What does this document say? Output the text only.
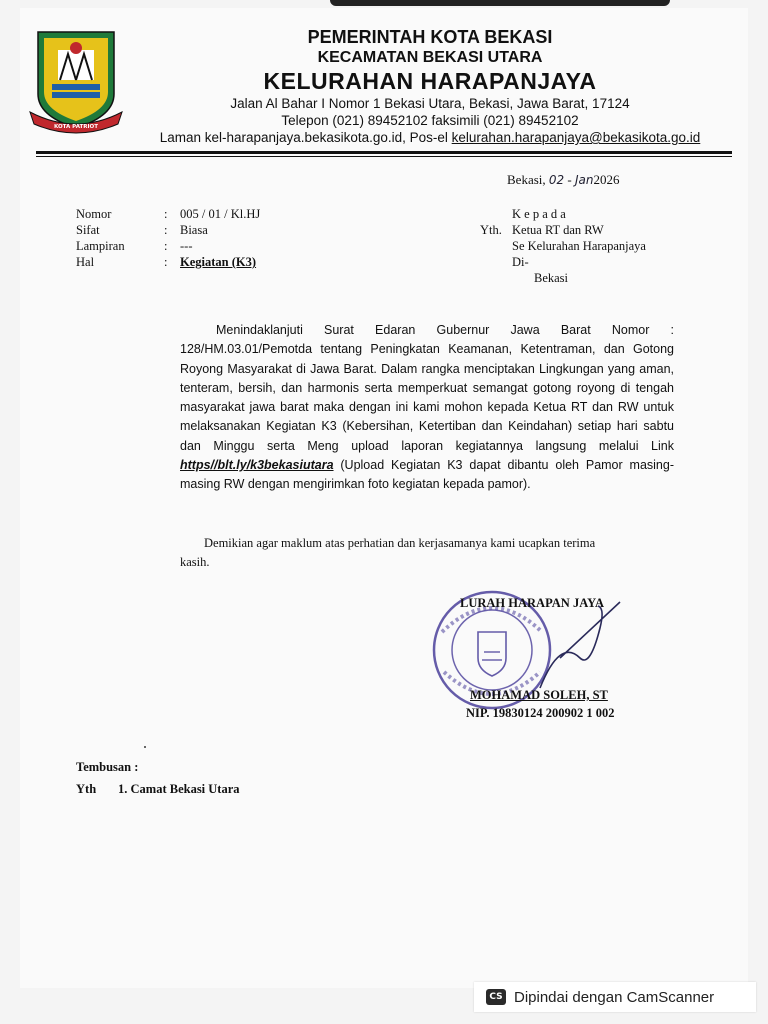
KOTA PATRIOT
PEMERINTAH KOTA BEKASI
KECAMATAN BEKASI UTARA
KELURAHAN HARAPANJAYA
Jalan Al Bahar I Nomor 1 Bekasi Utara, Bekasi, Jawa Barat, 17124
Telepon (021) 89452102 faksimili (021) 89452102
Laman kel-harapanjaya.bekasikota.go.id, Pos-el kelurahan.harapanjaya@bekasikota.go.id
Bekasi, 02 - Jan2026
Nomor	:	005 / 01 / Kl.HJ
Sifat	:	Biasa
Lampiran	:	---
Hal	:	Kegiatan (K3)
K e p a d a
Yth. Ketua RT dan RW
Se Kelurahan Harapanjaya
Di-
Bekasi
Menindaklanjuti Surat Edaran Gubernur Jawa Barat Nomor : 128/HM.03.01/Pemotda tentang Peningkatan Keamanan, Ketentraman, dan Gotong Royong Masyarakat di Jawa Barat. Dalam rangka menciptakan Lingkungan yang aman, tenteram, bersih, dan harmonis serta memperkuat semangat gotong royong di tengah masyarakat jawa barat maka dengan ini kami mohon kepada Ketua RT dan RW untuk melaksanakan Kegiatan K3 (Kebersihan, Ketertiban dan Keindahan) setiap hari sabtu dan Minggu serta Meng upload laporan kegiatannya langsung melalui Link https//blt.ly/k3bekasiutara (Upload Kegiatan K3 dapat dibantu oleh Pamor masing-masing RW dengan mengirimkan foto kegiatan kepada pamor).
Demikian agar maklum atas perhatian dan kerjasamanya kami ucapkan terima
kasih.
LURAH HARAPAN JAYA
MOHAMAD SOLEH, ST
NIP. 19830124 200902 1 002
Tembusan :
Yth	1. Camat Bekasi Utara
CS Dipindai dengan CamScanner
